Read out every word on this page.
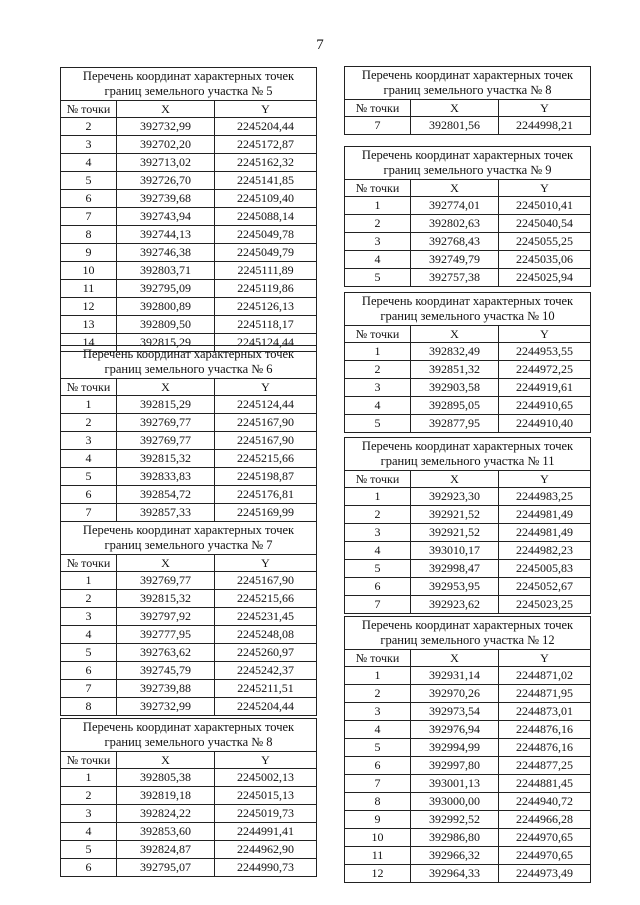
7
Перечень координат характерных точек
границ земельного участка № 5		

№ точки	X	Y
2	392732,99	2245204,44
3	392702,20	2245172,87
4	392713,02	2245162,32
5	392726,70	2245141,85
6	392739,68	2245109,40
7	392743,94	2245088,14
8	392744,13	2245049,78
9	392746,38	2245049,79
10	392803,71	2245111,89
11	392795,09	2245119,86
12	392800,89	2245126,13
13	392809,50	2245118,17
14	392815,29	2245124,44
Перечень координат характерных точек
границ земельного участка № 6		

№ точки	X	Y
1	392815,29	2245124,44
2	392769,77	2245167,90
3	392769,77	2245167,90
4	392815,32	2245215,66
5	392833,83	2245198,87
6	392854,72	2245176,81
7	392857,33	2245169,99
Перечень координат характерных точек
границ земельного участка № 7		

№ точки	X	Y
1	392769,77	2245167,90
2	392815,32	2245215,66
3	392797,92	2245231,45
4	392777,95	2245248,08
5	392763,62	2245260,97
6	392745,79	2245242,37
7	392739,88	2245211,51
8	392732,99	2245204,44
Перечень координат характерных точек
границ земельного участка № 8		

№ точки	X	Y
1	392805,38	2245002,13
2	392819,18	2245015,13
3	392824,22	2245019,73
4	392853,60	2244991,41
5	392824,87	2244962,90
6	392795,07	2244990,73
Перечень координат характерных точек
границ земельного участка № 8		

№ точки	X	Y
7	392801,56	2244998,21
Перечень координат характерных точек
границ земельного участка № 9		

№ точки	X	Y
1	392774,01	2245010,41
2	392802,63	2245040,54
3	392768,43	2245055,25
4	392749,79	2245035,06
5	392757,38	2245025,94
Перечень координат характерных точек
границ земельного участка № 10		

№ точки	X	Y
1	392832,49	2244953,55
2	392851,32	2244972,25
3	392903,58	2244919,61
4	392895,05	2244910,65
5	392877,95	2244910,40
Перечень координат характерных точек
границ земельного участка № 11		

№ точки	X	Y
1	392923,30	2244983,25
2	392921,52	2244981,49
3	392921,52	2244981,49
4	393010,17	2244982,23
5	392998,47	2245005,83
6	392953,95	2245052,67
7	392923,62	2245023,25
Перечень координат характерных точек
границ земельного участка № 12		

№ точки	X	Y
1	392931,14	2244871,02
2	392970,26	2244871,95
3	392973,54	2244873,01
4	392976,94	2244876,16
5	392994,99	2244876,16
6	392997,80	2244877,25
7	393001,13	2244881,45
8	393000,00	2244940,72
9	392992,52	2244966,28
10	392986,80	2244970,65
11	392966,32	2244970,65
12	392964,33	2244973,49
